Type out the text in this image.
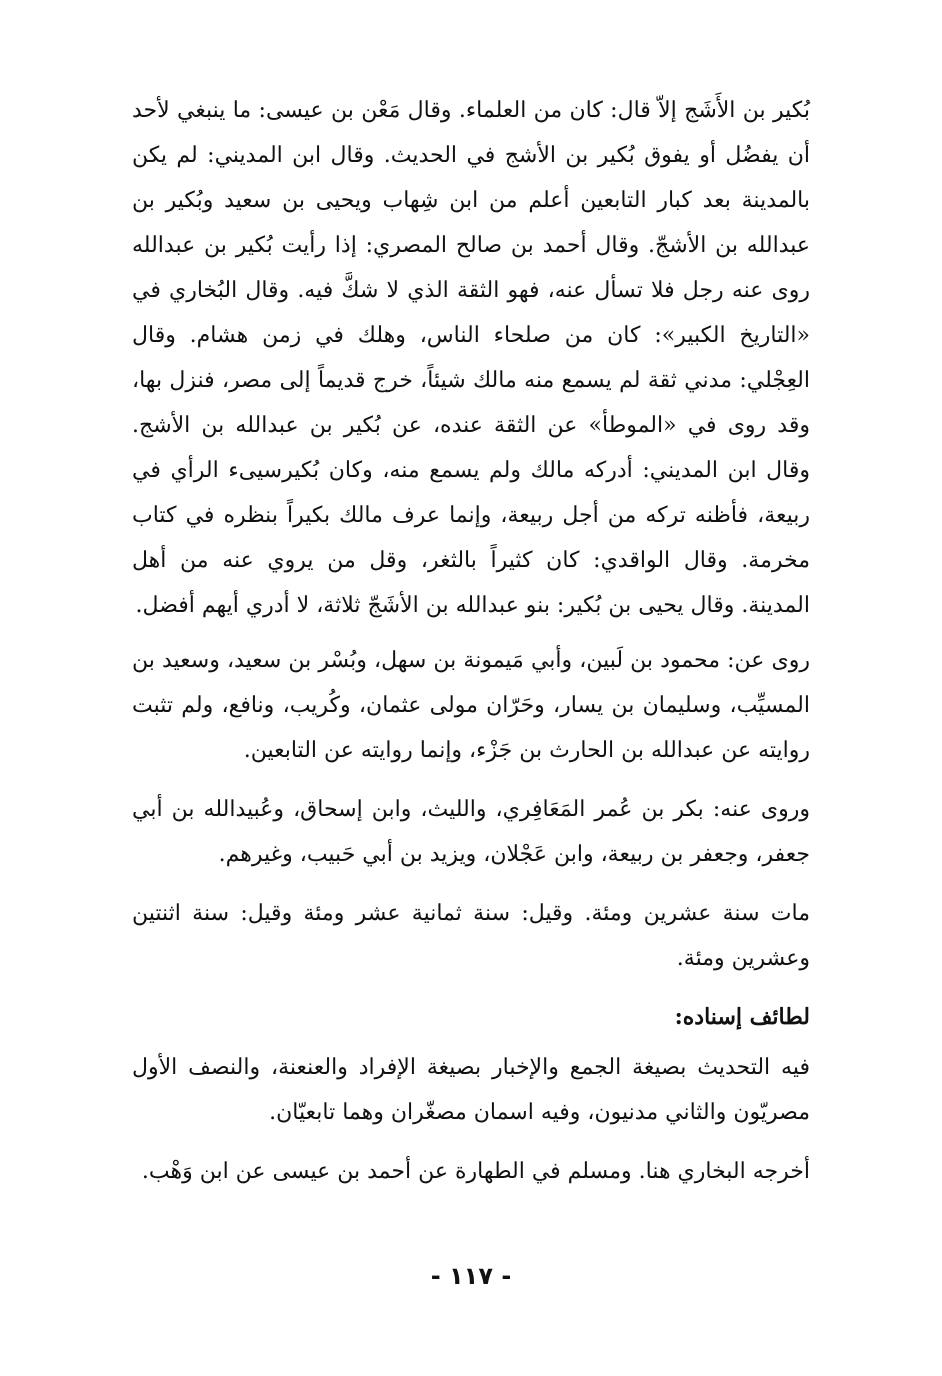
بُكير بن الأَشَج إلاّ قال: كان من العلماء. وقال مَعْن بن عيسى: ما ينبغي لأحد أن يفضُل أو يفوق بُكير بن الأشج في الحديث. وقال ابن المديني: لم يكن بالمدينة بعد كبار التابعين أعلم من ابن شِهاب ويحيى بن سعيد وبُكير بن عبدالله بن الأشجّ. وقال أحمد بن صالح المصري: إذا رأيت بُكير بن عبدالله روى عنه رجل فلا تسأل عنه، فهو الثقة الذي لا شكَّ فيه. وقال البُخاري في «التاريخ الكبير»: كان من صلحاء الناس، وهلك في زمن هشام. وقال العِجْلي: مدني ثقة لم يسمع منه مالك شيئاً، خرج قديماً إلى مصر، فنزل بها، وقد روى في «الموطأ» عن الثقة عنده، عن بُكير بن عبدالله بن الأشج. وقال ابن المديني: أدركه مالك ولم يسمع منه، وكان بُكيرسيىء الرأي في ربيعة، فأظنه تركه من أجل ربيعة، وإنما عرف مالك بكيراً بنظره في كتاب مخرمة. وقال الواقدي: كان كثيراً بالثغر، وقل من يروي عنه من أهل المدينة. وقال يحيى بن بُكير: بنو عبدالله بن الأشَجّ ثلاثة، لا أدري أيهم أفضل.

روى عن: محمود بن لَبين، وأبي مَيمونة بن سهل، وبُسْر بن سعيد، وسعيد بن المسيِّب، وسليمان بن يسار، وحَرّان مولى عثمان، وكُريب، ونافع، ولم تثبت روايته عن عبدالله بن الحارث بن جَزْء، وإنما روايته عن التابعين.

وروى عنه: بكر بن عُمر المَعَافِري، والليث، وابن إسحاق، وعُبيدالله بن أبي جعفر، وجعفر بن ربيعة، وابن عَجْلان، ويزيد بن أبي حَبيب، وغيرهم.

مات سنة عشرين ومئة. وقيل: سنة ثمانية عشر ومئة وقيل: سنة اثنتين وعشرين ومئة.

لطائف إسناده:

فيه التحديث بصيغة الجمع والإخبار بصيغة الإفراد والعنعنة، والنصف الأول مصريّون والثاني مدنيون، وفيه اسمان مصغّران وهما تابعيّان.

أخرجه البخاري هنا. ومسلم في الطهارة عن أحمد بن عيسى عن ابن وَهْب.

- ١١٧ -
